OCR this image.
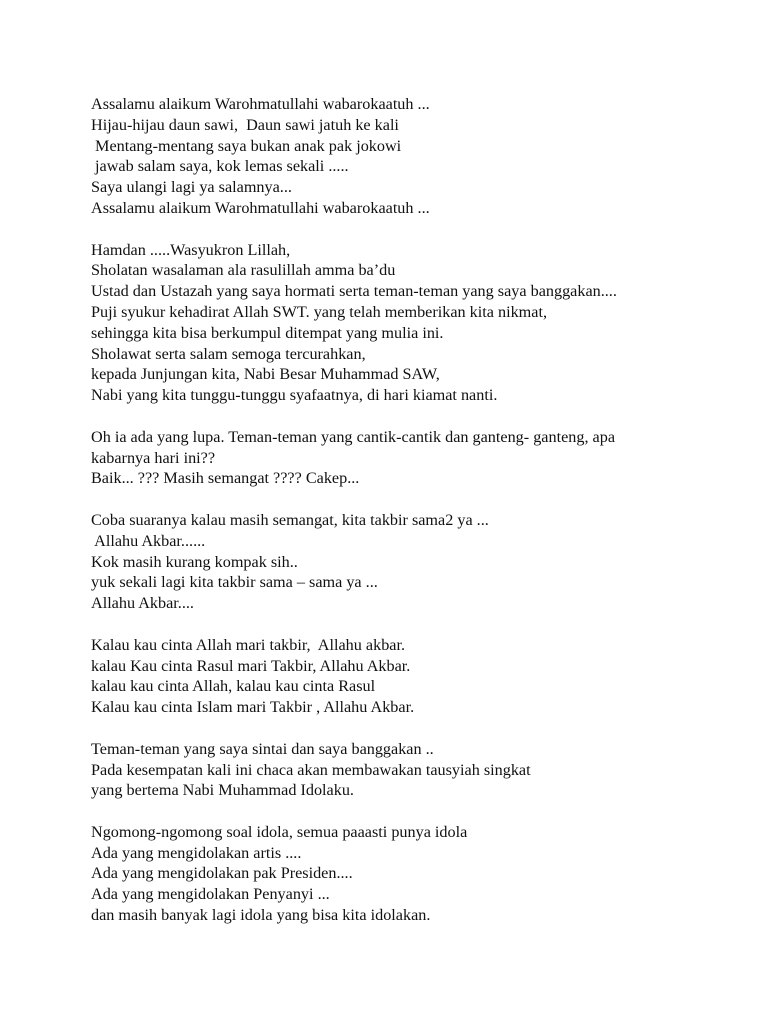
Assalamu alaikum Warohmatullahi wabarokaatuh ...
Hijau-hijau daun sawi,  Daun sawi jatuh ke kali
Mentang-mentang saya bukan anak pak jokowi
jawab salam saya, kok lemas sekali .....
Saya ulangi lagi ya salamnya...
Assalamu alaikum Warohmatullahi wabarokaatuh ...
Hamdan .....Wasyukron Lillah,
Sholatan wasalaman ala rasulillah amma ba’du
Ustad dan Ustazah yang saya hormati serta teman-teman yang saya banggakan....
Puji syukur kehadirat Allah SWT. yang telah memberikan kita nikmat,
sehingga kita bisa berkumpul ditempat yang mulia ini.
Sholawat serta salam semoga tercurahkan,
kepada Junjungan kita, Nabi Besar Muhammad SAW,
Nabi yang kita tunggu-tunggu syafaatnya, di hari kiamat nanti.
Oh ia ada yang lupa. Teman-teman yang cantik-cantik dan ganteng- ganteng, apa
kabarnya hari ini??
Baik... ??? Masih semangat ???? Cakep...
Coba suaranya kalau masih semangat, kita takbir sama2 ya ...
Allahu Akbar......
Kok masih kurang kompak sih..
yuk sekali lagi kita takbir sama – sama ya ...
Allahu Akbar....
Kalau kau cinta Allah mari takbir,  Allahu akbar.
kalau Kau cinta Rasul mari Takbir, Allahu Akbar.
kalau kau cinta Allah, kalau kau cinta Rasul
Kalau kau cinta Islam mari Takbir , Allahu Akbar.
Teman-teman yang saya sintai dan saya banggakan ..
Pada kesempatan kali ini chaca akan membawakan tausyiah singkat
yang bertema Nabi Muhammad Idolaku.
Ngomong-ngomong soal idola, semua paaasti punya idola
Ada yang mengidolakan artis ....
Ada yang mengidolakan pak Presiden....
Ada yang mengidolakan Penyanyi ...
dan masih banyak lagi idola yang bisa kita idolakan.
